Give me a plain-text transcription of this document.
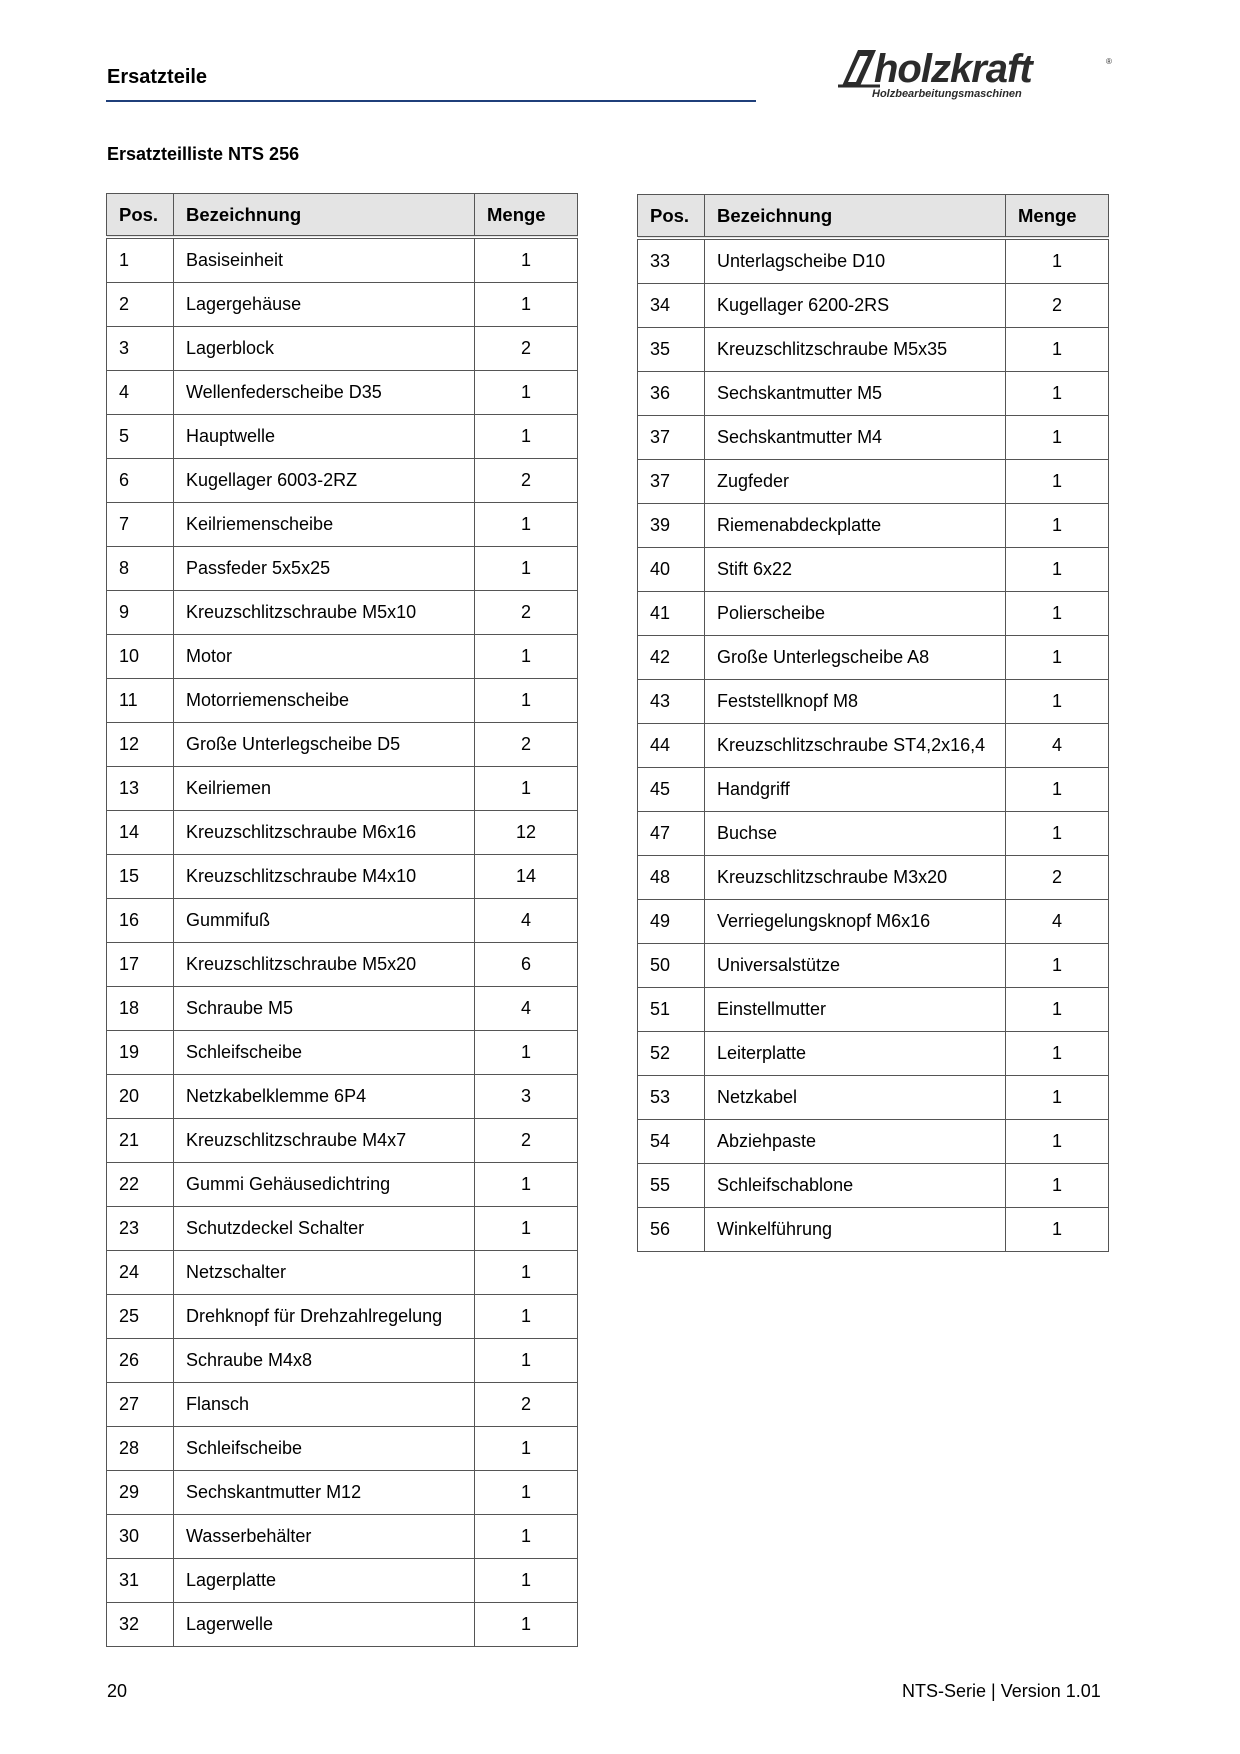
Ersatzteile	holzkraft	®
Holzbearbeitungsmaschinen
Ersatzteilliste NTS 256
Pos.	Bezeichnung	Menge
1	Basiseinheit	1
2	Lagergehäuse	1
3	Lagerblock	2
4	Wellenfederscheibe D35	1
5	Hauptwelle	1
6	Kugellager 6003-2RZ	2
7	Keilriemenscheibe	1
8	Passfeder 5x5x25	1
9	Kreuzschlitzschraube M5x10	2
10	Motor	1
11	Motorriemenscheibe	1
12	Große Unterlegscheibe D5	2
13	Keilriemen	1
14	Kreuzschlitzschraube M6x16	12
15	Kreuzschlitzschraube M4x10	14
16	Gummifuß	4
17	Kreuzschlitzschraube M5x20	6
18	Schraube M5	4
19	Schleifscheibe	1
20	Netzkabelklemme 6P4	3
21	Kreuzschlitzschraube M4x7	2
22	Gummi Gehäusedichtring	1
23	Schutzdeckel Schalter	1
24	Netzschalter	1
25	Drehknopf für Drehzahlregelung	1
26	Schraube M4x8	1
27	Flansch	2
28	Schleifscheibe	1
29	Sechskantmutter M12	1
30	Wasserbehälter	1
31	Lagerplatte	1
32	Lagerwelle	1
Pos.	Bezeichnung	Menge
33	Unterlagscheibe D10	1
34	Kugellager 6200-2RS	2
35	Kreuzschlitzschraube M5x35	1
36	Sechskantmutter M5	1
37	Sechskantmutter M4	1
37	Zugfeder	1
39	Riemenabdeckplatte	1
40	Stift 6x22	1
41	Polierscheibe	1
42	Große Unterlegscheibe A8	1
43	Feststellknopf M8	1
44	Kreuzschlitzschraube ST4,2x16,4	4
45	Handgriff	1
47	Buchse	1
48	Kreuzschlitzschraube M3x20	2
49	Verriegelungsknopf M6x16	4
50	Universalstütze	1
51	Einstellmutter	1
52	Leiterplatte	1
53	Netzkabel	1
54	Abziehpaste	1
55	Schleifschablone	1
56	Winkelführung	1
20	NTS-Serie | Version 1.01
